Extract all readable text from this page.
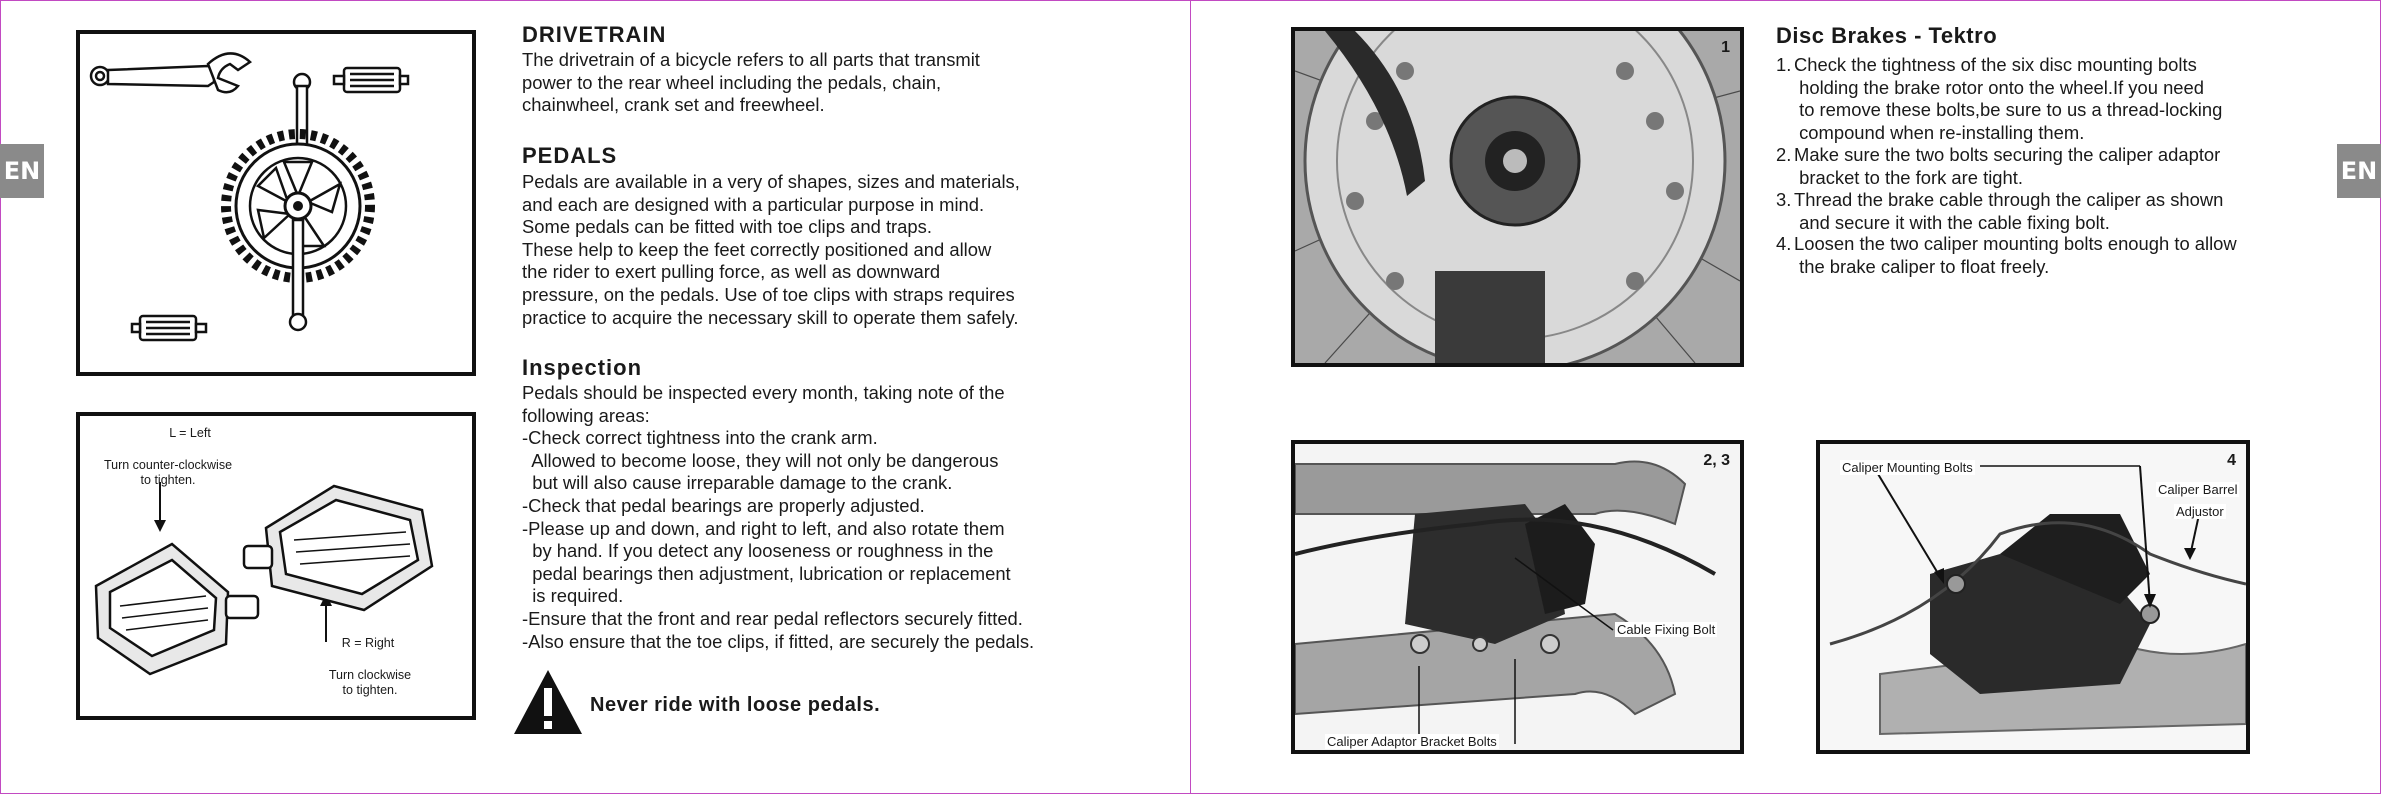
EN	EN
L = Left
Turn counter-clockwise
to tighten.
R = Right
Turn clockwise
to tighten.
DRIVETRAIN

The drivetrain of a bicycle refers to all parts that transmit
power to the rear wheel including the pedals, chain,
chainwheel, crank set and freewheel.

PEDALS

Pedals are available in a very of shapes, sizes and materials,
and each are designed with a particular purpose in mind.
Some pedals can be fitted with toe clips and traps.
These help to keep the feet correctly positioned and allow
the rider to exert pulling force, as well as downward
pressure, on the pedals. Use of toe clips with straps requires
practice to acquire the necessary skill to operate them safely.

Inspection

Pedals should be inspected every month, taking note of the
following areas:
-Check correct tightness into the crank arm.
Allowed to become loose, they will not only be dangerous
but will also cause irreparable damage to the crank.
-Check that pedal bearings are properly adjusted.
-Please up and down, and right to left, and also rotate them
by hand. If you detect any looseness or roughness in the
pedal bearings then adjustment, lubrication or replacement
is required.
-Ensure that the front and rear pedal reflectors securely fitted.
-Also ensure that the toe clips, if fitted, are securely the pedals.

Never ride with loose pedals.
1
2, 3
Cable Fixing Bolt
Caliper Adaptor Bracket Bolts
4
Caliper Mounting Bolts
Caliper Barrel
Adjustor
Disc Brakes - Tektro
1. Check the tightness of the six disc mounting bolts
holding the brake rotor onto the wheel.If you need
to remove these bolts,be sure to us a thread-locking
compound when re-installing them.
2. Make sure the two bolts securing the caliper adaptor
bracket to the fork are tight.
3. Thread the brake cable through the caliper as shown
and secure it with the cable fixing bolt.
4. Loosen the two caliper mounting bolts enough to allow
the brake caliper to float freely.
